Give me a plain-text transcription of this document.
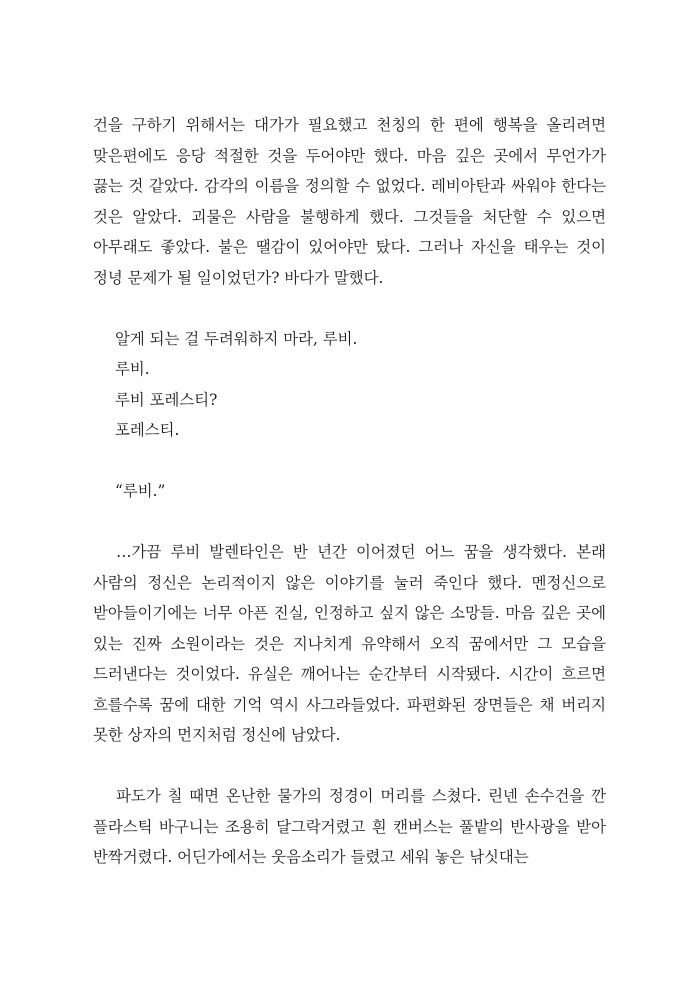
건을 구하기 위해서는 대가가 필요했고 천칭의 한 편에 행복을 올리려면 맞은편에도 응당 적절한 것을 두어야만 했다. 마음 깊은 곳에서 무언가가 끓는 것 같았다. 감각의 이름을 정의할 수 없었다. 레비아탄과 싸워야 한다는 것은 알았다. 괴물은 사람을 불행하게 했다. 그것들을 처단할 수 있으면 아무래도 좋았다. 불은 땔감이 있어야만 탔다. 그러나 자신을 태우는 것이 정녕 문제가 될 일이었던가? 바다가 말했다.

알게 되는 걸 두려워하지 마라, 루비.

루비.

루비 포레스티?

포레스티.

“루비.”

…가끔 루비 발렌타인은 반 년간 이어졌던 어느 꿈을 생각했다. 본래 사람의 정신은 논리적이지 않은 이야기를 눌러 죽인다 했다. 멘정신으로 받아들이기에는 너무 아픈 진실, 인정하고 싶지 않은 소망들. 마음 깊은 곳에 있는 진짜 소원이라는 것은 지나치게 유약해서 오직 꿈에서만 그 모습을 드러낸다는 것이었다. 유실은 깨어나는 순간부터 시작됐다. 시간이 흐르면 흐를수록 꿈에 대한 기억 역시 사그라들었다. 파편화된 장면들은 채 버리지 못한 상자의 먼지처럼 정신에 남았다.

파도가 칠 때면 온난한 물가의 정경이 머리를 스쳤다. 린넨 손수건을 깐 플라스틱 바구니는 조용히 달그락거렸고 흰 캔버스는 풀밭의 반사광을 받아 반짝거렸다. 어딘가에서는 웃음소리가 들렸고 세워 놓은 낚싯대는
